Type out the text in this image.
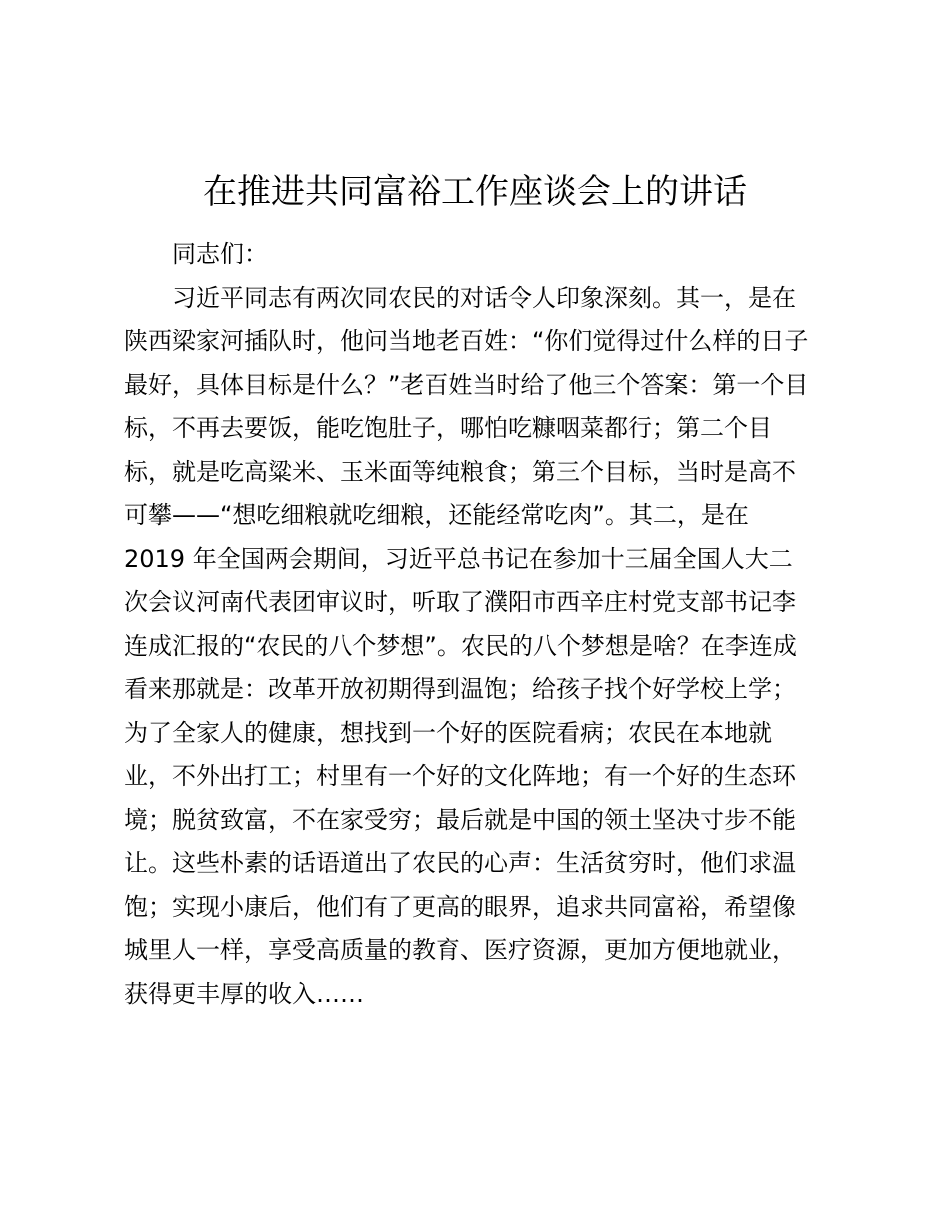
在推进共同富裕工作座谈会上的讲话
同志们：
习近平同志有两次同农民的对话令人印象深刻。其一，是在
陕西梁家河插队时，他问当地老百姓：“你们觉得过什么样的日子
最好，具体目标是什么？”老百姓当时给了他三个答案：第一个目
标，不再去要饭，能吃饱肚子，哪怕吃糠咽菜都行；第二个目
标，就是吃高粱米、玉米面等纯粮食；第三个目标，当时是高不
可攀——“想吃细粮就吃细粮，还能经常吃肉”。其二，是在
2019 年全国两会期间，习近平总书记在参加十三届全国人大二
次会议河南代表团审议时，听取了濮阳市西辛庄村党支部书记李
连成汇报的“农民的八个梦想”。农民的八个梦想是啥？在李连成
看来那就是：改革开放初期得到温饱；给孩子找个好学校上学；
为了全家人的健康，想找到一个好的医院看病；农民在本地就
业，不外出打工；村里有一个好的文化阵地；有一个好的生态环
境；脱贫致富，不在家受穷；最后就是中国的领土坚决寸步不能
让。这些朴素的话语道出了农民的心声：生活贫穷时，他们求温
饱；实现小康后，他们有了更高的眼界，追求共同富裕，希望像
城里人一样，享受高质量的教育、医疗资源，更加方便地就业，
获得更丰厚的收入……
